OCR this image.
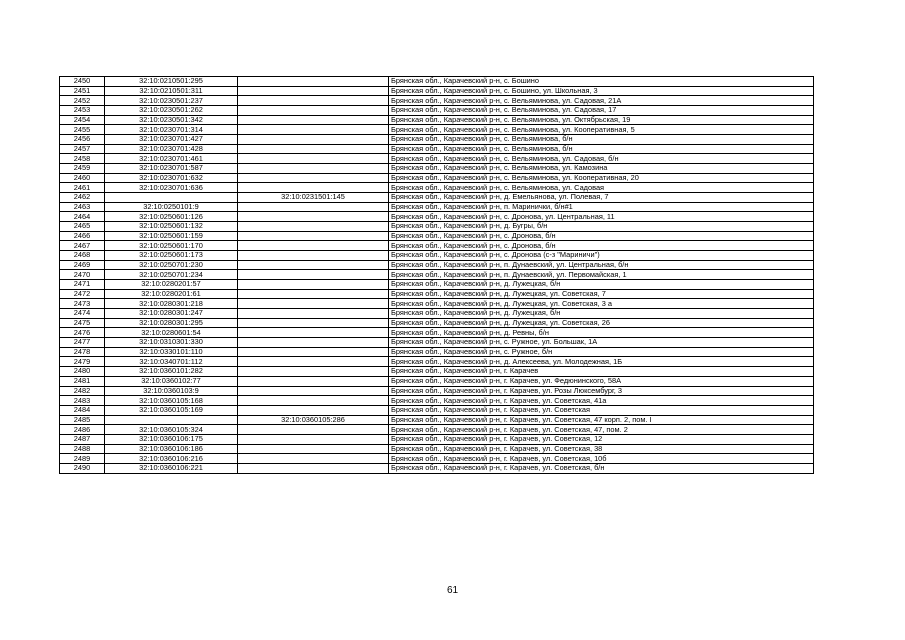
2450	32:10:0210501:295		Брянская обл., Карачевский р-н, с. Бошино
2451	32:10:0210501:311		Брянская обл., Карачевский р-н, с. Бошино, ул. Школьная, 3
2452	32:10:0230501:237		Брянская обл., Карачевский р-н, с. Вельяминова, ул. Садовая, 21А
2453	32:10:0230501:262		Брянская обл., Карачевский р-н, с. Вельяминова, ул. Садовая, 17
2454	32:10:0230501:342		Брянская обл., Карачевский р-н, с. Вельяминова, ул. Октябрьская, 19
2455	32:10:0230701:314		Брянская обл., Карачевский р-н, с. Вельяминова, ул. Кооперативная, 5
2456	32:10:0230701:427		Брянская обл., Карачевский р-н, с. Вельяминова, б/н
2457	32:10:0230701:428		Брянская обл., Карачевский р-н, с. Вельяминова, б/н
2458	32:10:0230701:461		Брянская обл., Карачевский р-н, с. Вельяминова, ул. Садовая, б/н
2459	32:10:0230701:587		Брянская обл., Карачевский р-н, с. Вельяминова, ул. Камозина
2460	32:10:0230701:632		Брянская обл., Карачевский р-н, с. Вельяминова, ул. Кооперативная, 20
2461	32:10:0230701:636		Брянская обл., Карачевский р-н, с. Вельяминова, ул. Садовая
2462		32:10:0231501:145	Брянская обл., Карачевский р-н, д. Емельянова, ул. Полевая, 7
2463	32:10:0250101:9		Брянская обл., Карачевский р-н, п. Маринички, б/н#1
2464	32:10:0250601:126		Брянская обл., Карачевский р-н, с. Дронова, ул. Центральная, 11
2465	32:10:0250601:132		Брянская обл., Карачевский р-н, д. Бугры, б/н
2466	32:10:0250601:159		Брянская обл., Карачевский р-н, с. Дронова, б/н
2467	32:10:0250601:170		Брянская обл., Карачевский р-н, с. Дронова, б/н
2468	32:10:0250601:173		Брянская обл., Карачевский р-н, с. Дронова (с-з "Мариничи")
2469	32:10:0250701:230		Брянская обл., Карачевский р-н, п. Дунаевский, ул. Центральная, б/н
2470	32:10:0250701:234		Брянская обл., Карачевский р-н, п. Дунаевский, ул. Первомайская, 1
2471	32:10:0280201:57		Брянская обл., Карачевский р-н, д. Лужецкая, б/н
2472	32:10:0280201:61		Брянская обл., Карачевский р-н, д. Лужецкая, ул. Советская, 7
2473	32:10:0280301:218		Брянская обл., Карачевский р-н, д. Лужецкая, ул. Советская, 3 а
2474	32:10:0280301:247		Брянская обл., Карачевский р-н, д. Лужецкая, б/н
2475	32:10:0280301:295		Брянская обл., Карачевский р-н, д. Лужецкая, ул. Советская, 26
2476	32:10:0280601:54		Брянская обл., Карачевский р-н, д. Ревны, б/н
2477	32:10:0310301:330		Брянская обл., Карачевский р-н, с. Ружное, ул. Большак, 1А
2478	32:10:0330101:110		Брянская обл., Карачевский р-н, с. Ружное, б/н
2479	32:10:0340701:112		Брянская обл., Карачевский р-н, д. Алексеева, ул. Молодежная, 1Б
2480	32:10:0360101:282		Брянская обл., Карачевский р-н, г. Карачев
2481	32:10:0360102:77		Брянская обл., Карачевский р-н, г. Карачев, ул. Федюнинского, 58А
2482	32:10:0360103:9		Брянская обл., Карачевский р-н, г. Карачев, ул. Розы Люксембург, 3
2483	32:10:0360105:168		Брянская обл., Карачевский р-н, г. Карачев, ул. Советская, 41а
2484	32:10:0360105:169		Брянская обл., Карачевский р-н, г. Карачев, ул. Советская
2485		32:10:0360105:286	Брянская обл., Карачевский р-н, г. Карачев, ул. Советская, 47 корп. 2, пом. I
2486	32:10:0360105:324		Брянская обл., Карачевский р-н, г. Карачев, ул. Советская, 47, пом. 2
2487	32:10:0360106:175		Брянская обл., Карачевский р-н, г. Карачев, ул. Советская, 12
2488	32:10:0360106:186		Брянская обл., Карачевский р-н, г. Карачев, ул. Советская, 38
2489	32:10:0360106:216		Брянская обл., Карачевский р-н, г. Карачев, ул. Советская, 10б
2490	32:10:0360106:221		Брянская обл., Карачевский р-н, г. Карачев, ул. Советская, б/н
61
